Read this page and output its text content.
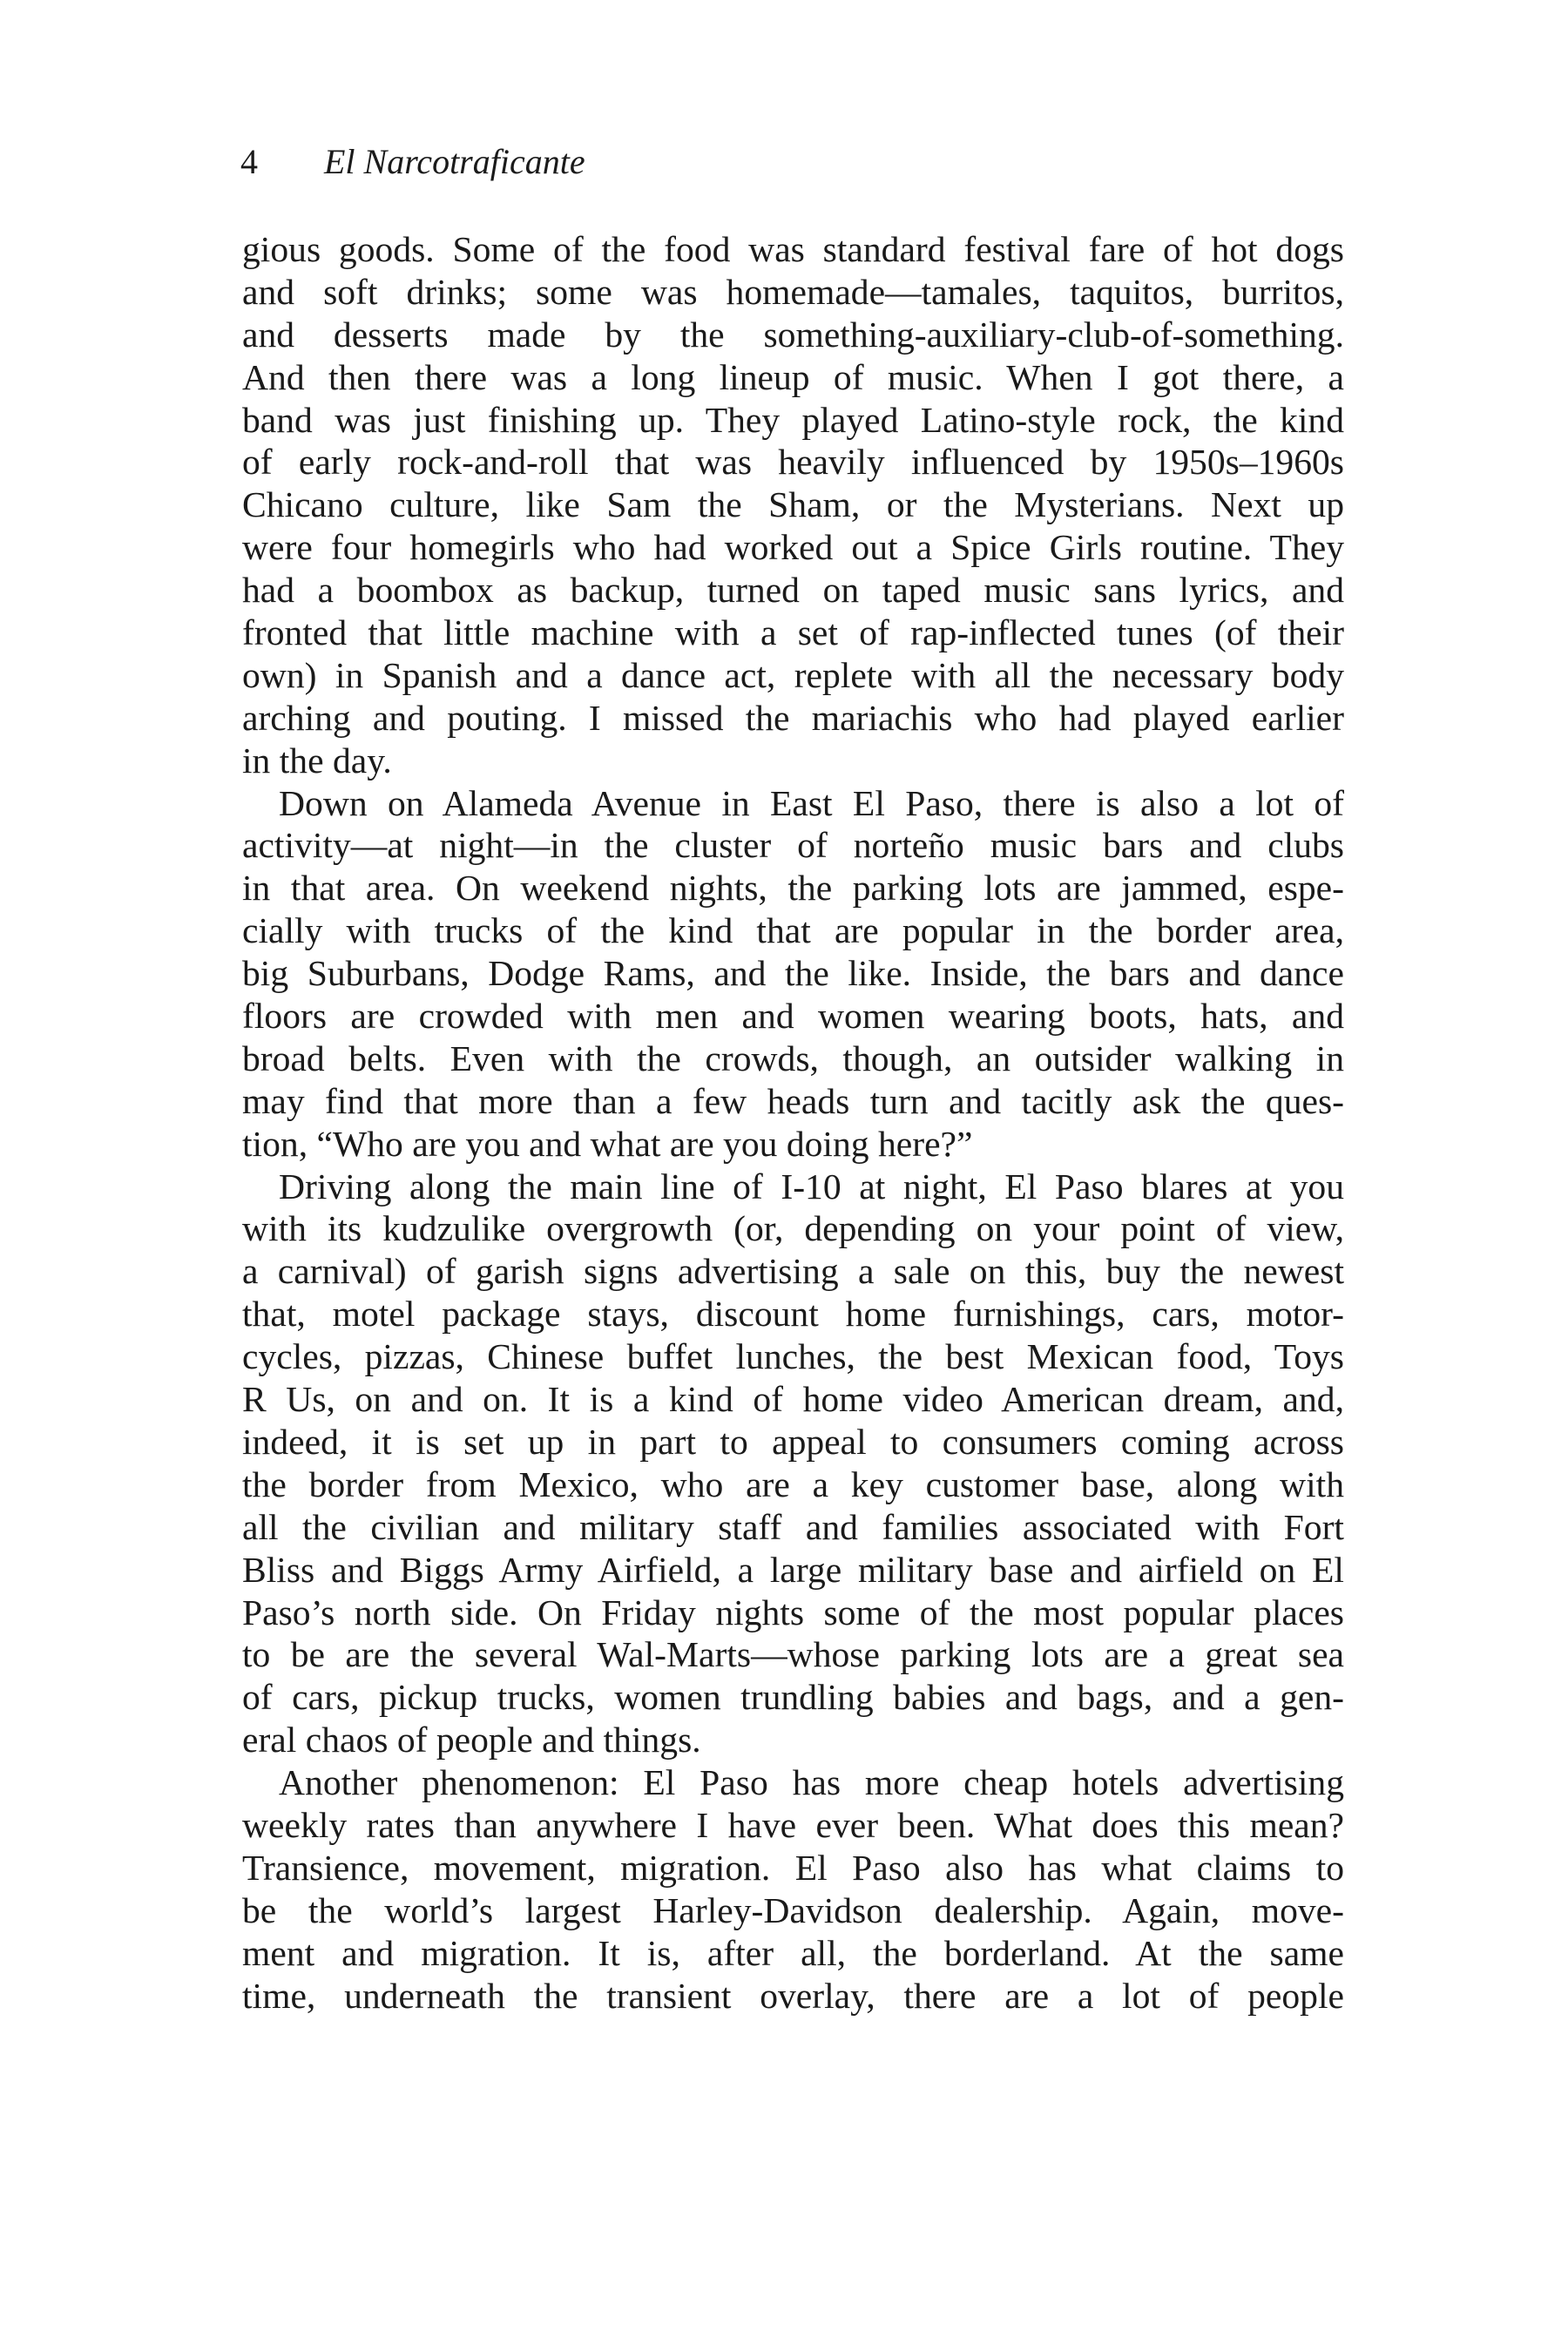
4 El Narcotraficante
gious goods. Some of the food was standard festival fare of hot dogs
and soft drinks; some was homemade—tamales, taquitos, burritos,
and desserts made by the something-auxiliary-club-of-something.
And then there was a long lineup of music. When I got there, a
band was just finishing up. They played Latino-style rock, the kind
of early rock-and-roll that was heavily influenced by 1950s–1960s
Chicano culture, like Sam the Sham, or the Mysterians. Next up
were four homegirls who had worked out a Spice Girls routine. They
had a boombox as backup, turned on taped music sans lyrics, and
fronted that little machine with a set of rap-inflected tunes (of their
own) in Spanish and a dance act, replete with all the necessary body
arching and pouting. I missed the mariachis who had played earlier
in the day.
Down on Alameda Avenue in East El Paso, there is also a lot of
activity—at night—in the cluster of norteño music bars and clubs
in that area. On weekend nights, the parking lots are jammed, espe-
cially with trucks of the kind that are popular in the border area,
big Suburbans, Dodge Rams, and the like. Inside, the bars and dance
floors are crowded with men and women wearing boots, hats, and
broad belts. Even with the crowds, though, an outsider walking in
may find that more than a few heads turn and tacitly ask the ques-
tion, “Who are you and what are you doing here?”
Driving along the main line of I-10 at night, El Paso blares at you
with its kudzulike overgrowth (or, depending on your point of view,
a carnival) of garish signs advertising a sale on this, buy the newest
that, motel package stays, discount home furnishings, cars, motor-
cycles, pizzas, Chinese buffet lunches, the best Mexican food, Toys
R Us, on and on. It is a kind of home video American dream, and,
indeed, it is set up in part to appeal to consumers coming across
the border from Mexico, who are a key customer base, along with
all the civilian and military staff and families associated with Fort
Bliss and Biggs Army Airfield, a large military base and airfield on El
Paso’s north side. On Friday nights some of the most popular places
to be are the several Wal-Marts—whose parking lots are a great sea
of cars, pickup trucks, women trundling babies and bags, and a gen-
eral chaos of people and things.
Another phenomenon: El Paso has more cheap hotels advertising
weekly rates than anywhere I have ever been. What does this mean?
Transience, movement, migration. El Paso also has what claims to
be the world’s largest Harley-Davidson dealership. Again, move-
ment and migration. It is, after all, the borderland. At the same
time, underneath the transient overlay, there are a lot of people
